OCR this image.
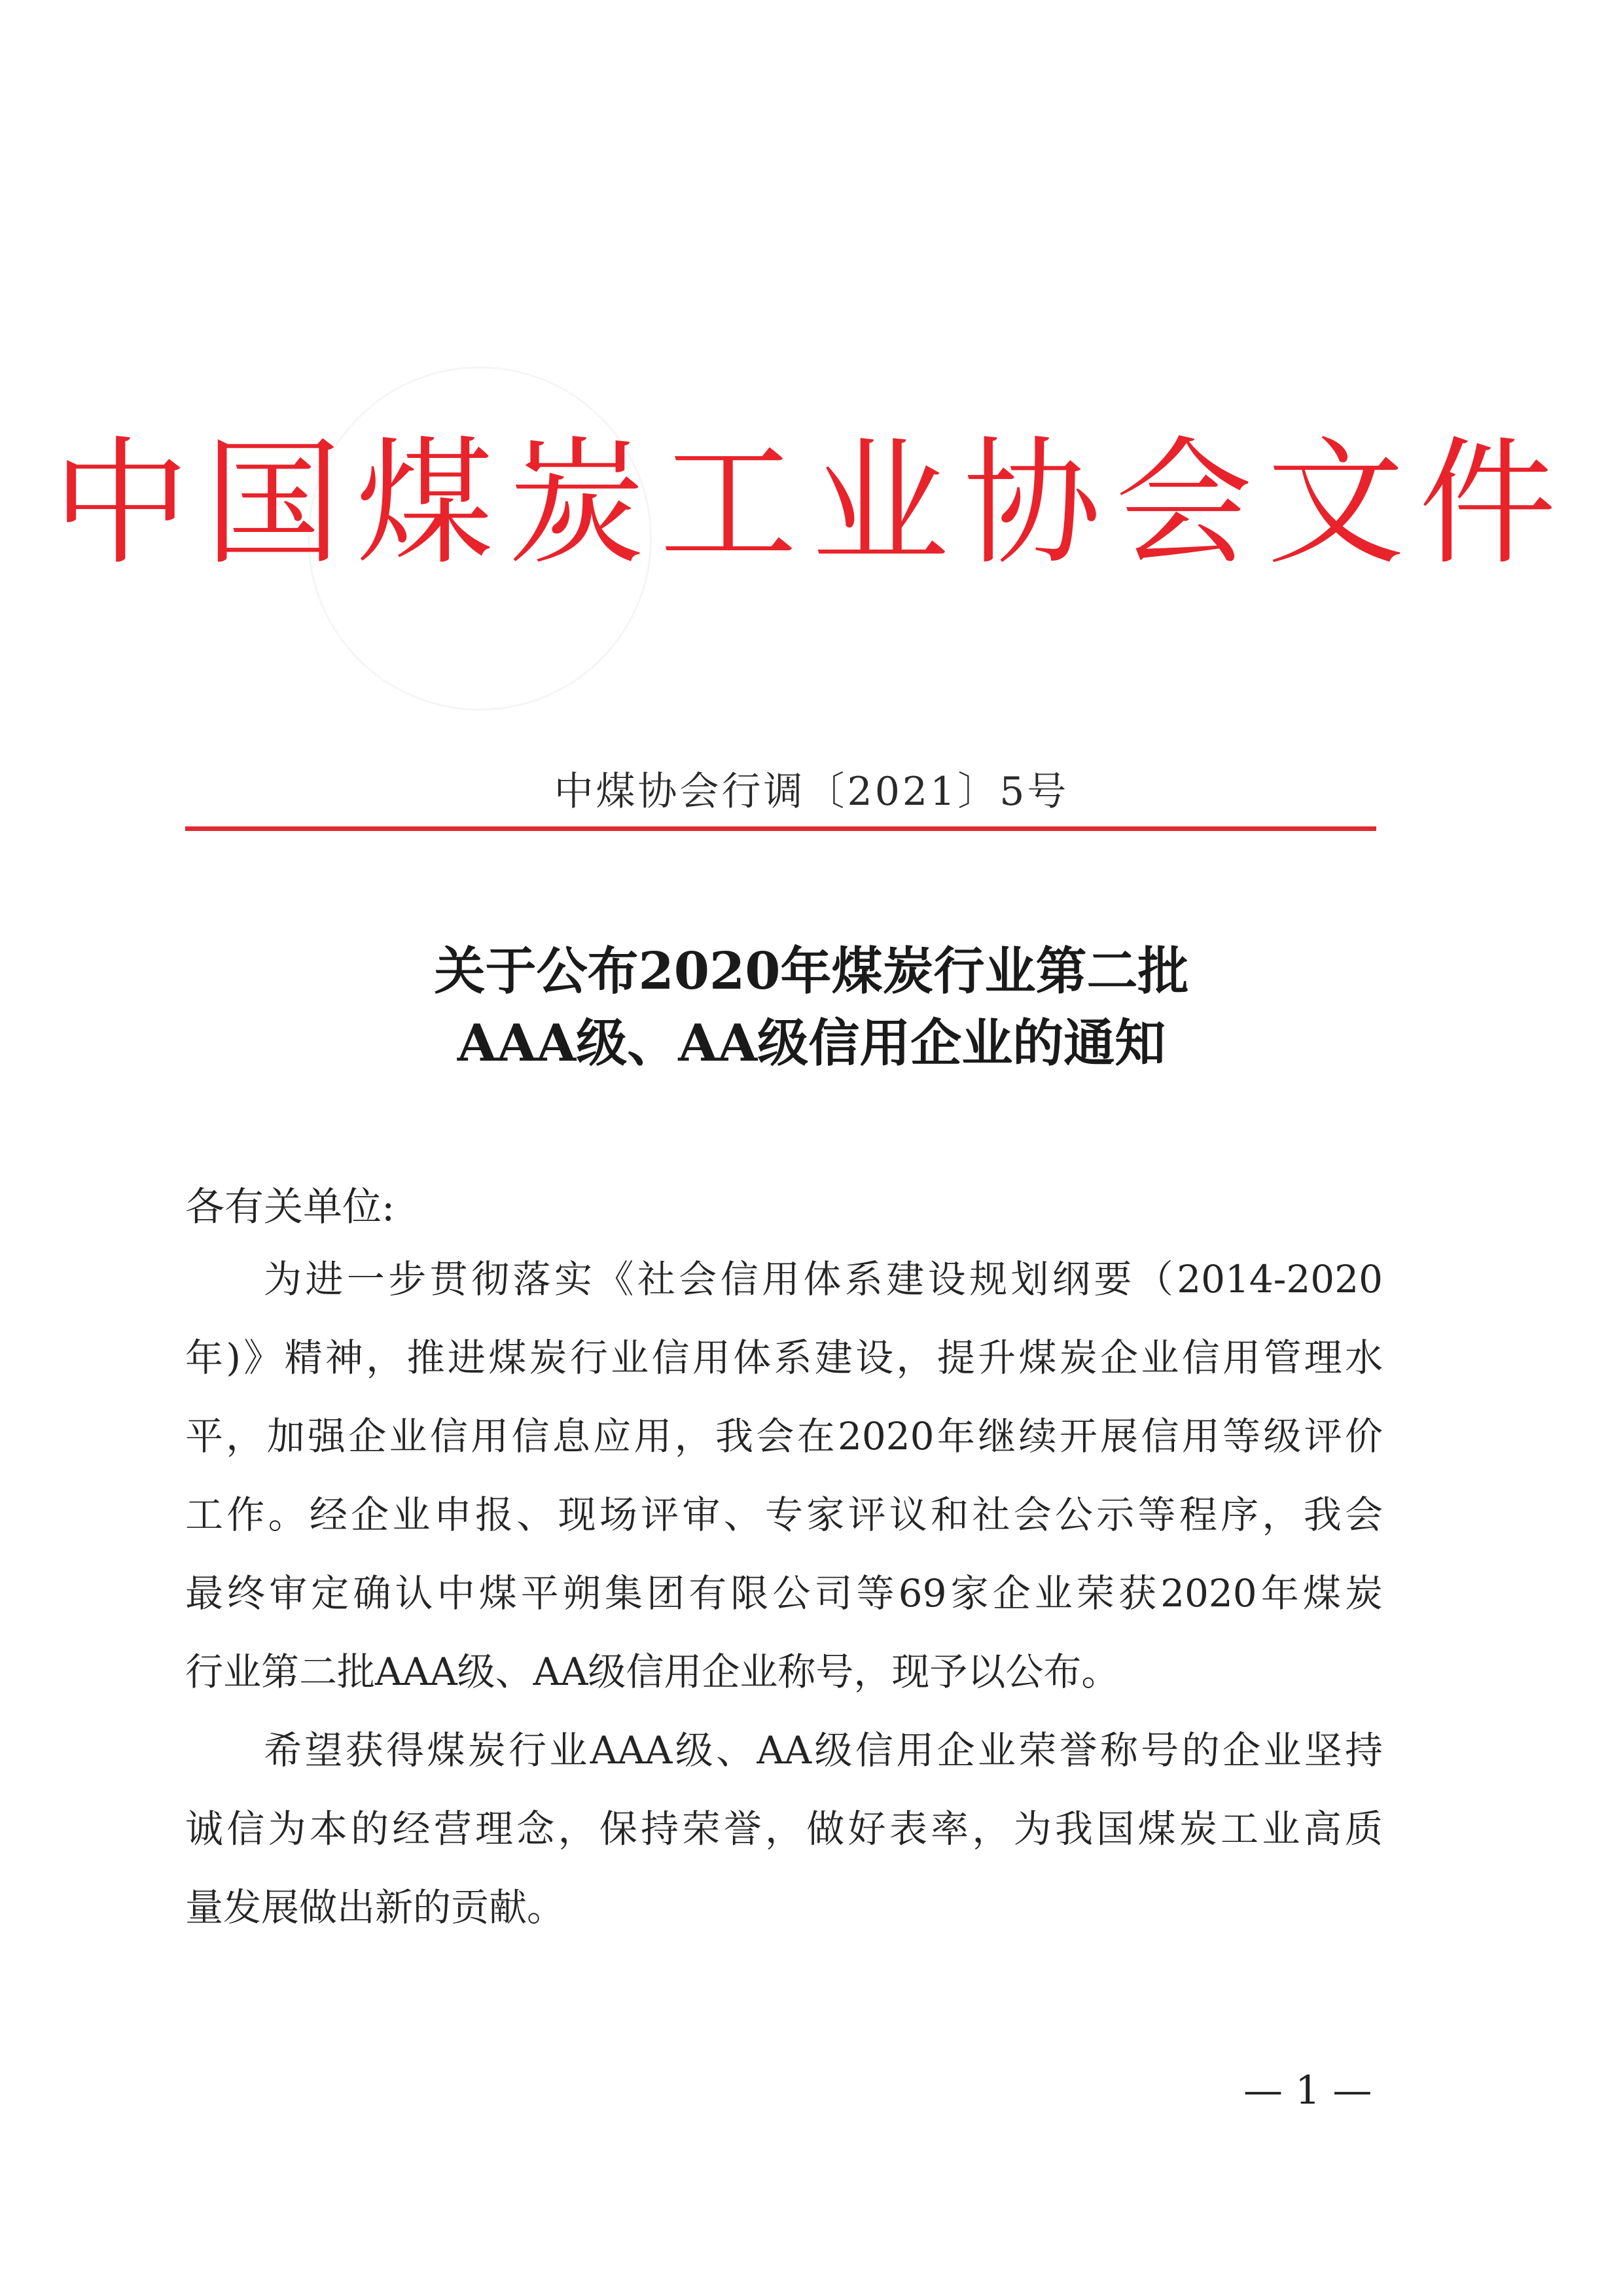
中国煤炭工业协会文件
中煤协会行调〔2021〕5号
关于公布2020年煤炭行业第二批
AAA级、AA级信用企业的通知
各有关单位:
为进一步贯彻落实《社会信用体系建设规划纲要（2014-2020
年)》精神，推进煤炭行业信用体系建设，提升煤炭企业信用管理水
平，加强企业信用信息应用，我会在2020年继续开展信用等级评价
工作。经企业申报、现场评审、专家评议和社会公示等程序，我会
最终审定确认中煤平朔集团有限公司等69家企业荣获2020年煤炭
行业第二批AAA级、AA级信用企业称号，现予以公布。
希望获得煤炭行业AAA级、AA级信用企业荣誉称号的企业坚持
诚信为本的经营理念，保持荣誉，做好表率，为我国煤炭工业高质
量发展做出新的贡献。
— 1 —
